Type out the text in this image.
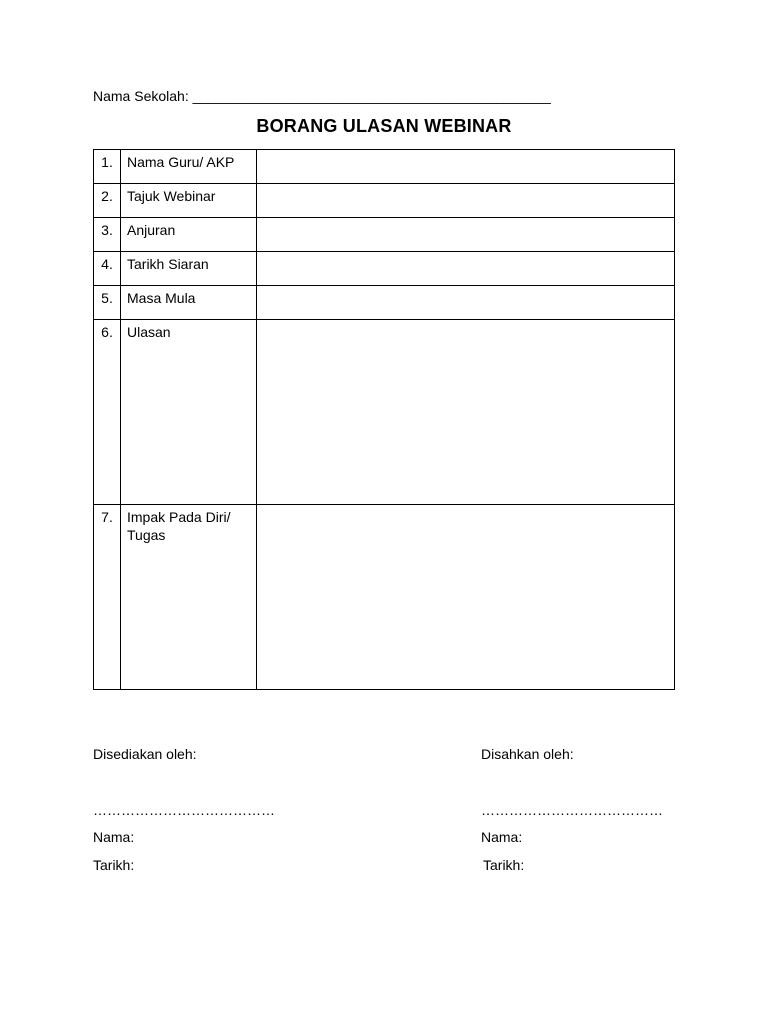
Nama Sekolah: ______________________________________________
BORANG ULASAN WEBINAR
1.	Nama Guru/ AKP	
2.	Tajuk Webinar	
3.	Anjuran	
4.	Tarikh Siaran	
5.	Masa Mula	
6.	Ulasan	
7.	Impak Pada Diri/ Tugas	
Disediakan oleh:
…………………………………
Nama:
Tarikh:
Disahkan oleh:
…………………………………
Nama:
Tarikh:
